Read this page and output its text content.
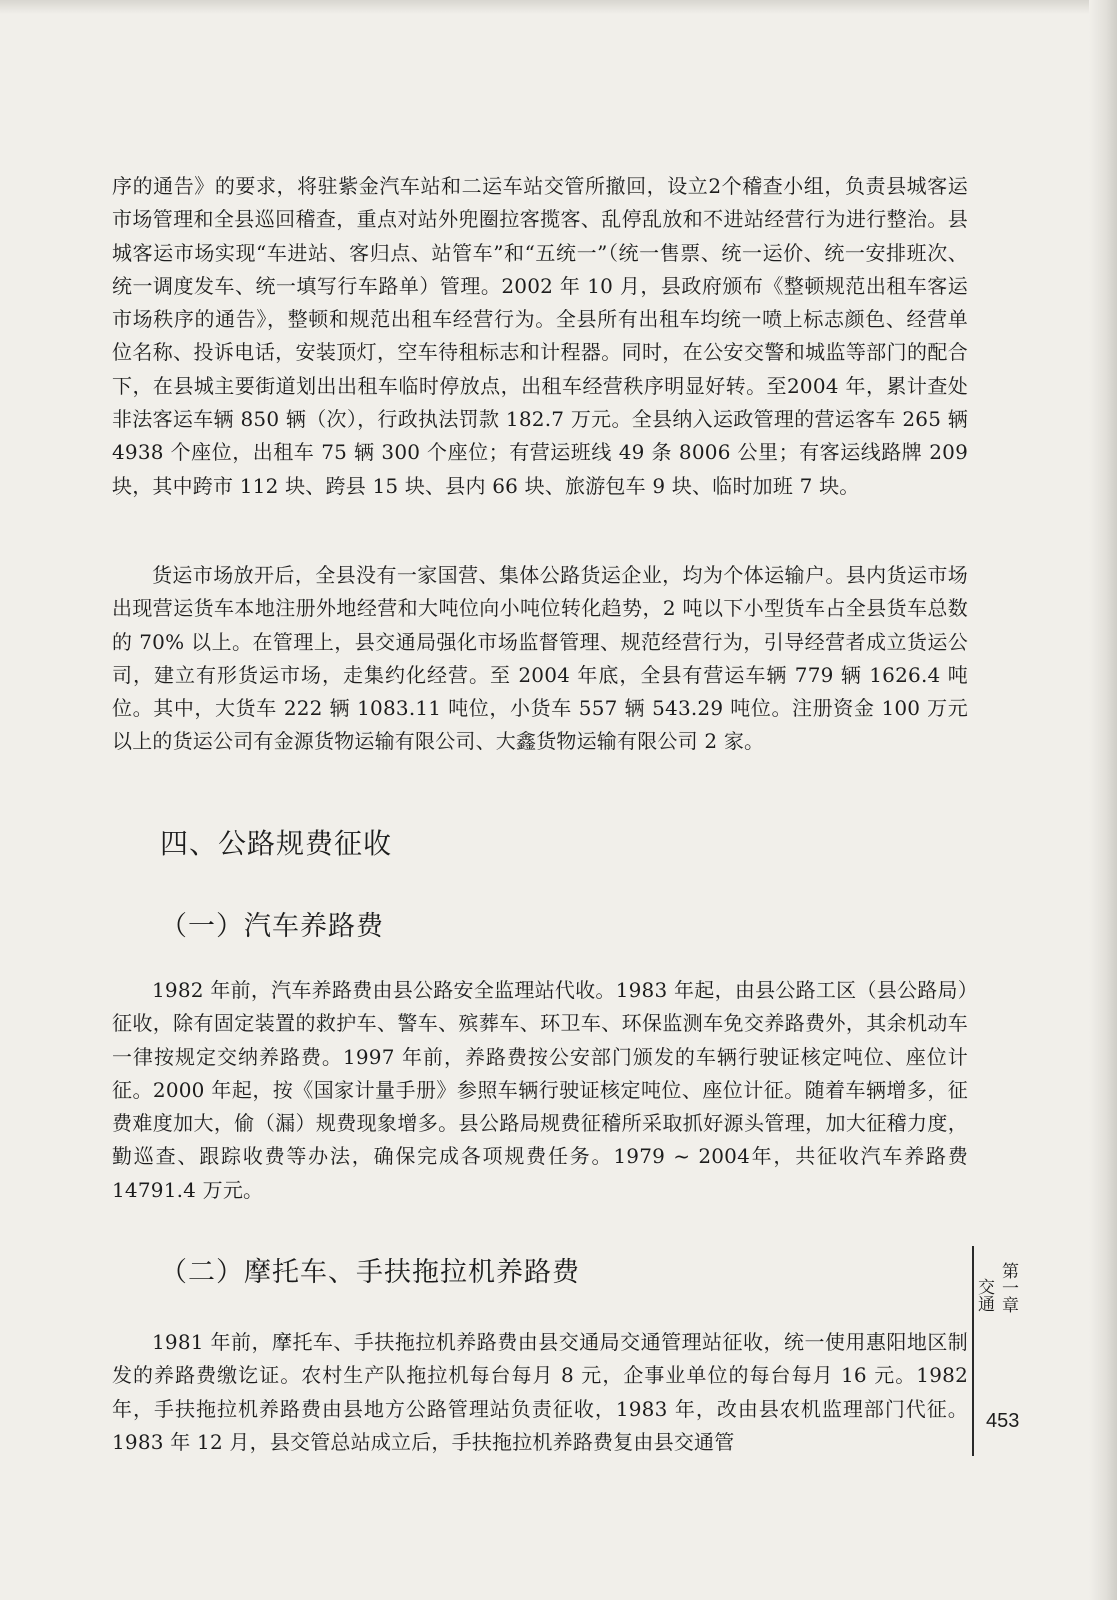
序的通告》的要求，将驻紫金汽车站和二运车站交管所撤回，设立2个稽查小组，负责县城客运市场管理和全县巡回稽查，重点对站外兜圈拉客揽客、乱停乱放和不进站经营行为进行整治。县城客运市场实现“车进站、客归点、站管车”和“五统一”（统一售票、统一运价、统一安排班次、统一调度发车、统一填写行车路单）管理。2002 年 10 月，县政府颁布《整顿规范出租车客运市场秩序的通告》，整顿和规范出租车经营行为。全县所有出租车均统一喷上标志颜色、经营单位名称、投诉电话，安装顶灯，空车待租标志和计程器。同时，在公安交警和城监等部门的配合下，在县城主要街道划出出租车临时停放点，出租车经营秩序明显好转。至2004 年，累计查处非法客运车辆 850 辆（次），行政执法罚款 182.7 万元。全县纳入运政管理的营运客车 265 辆 4938 个座位，出租车 75 辆 300 个座位；有营运班线 49 条 8006 公里；有客运线路牌 209 块，其中跨市 112 块、跨县 15 块、县内 66 块、旅游包车 9 块、临时加班 7 块。

货运市场放开后，全县没有一家国营、集体公路货运企业，均为个体运输户。县内货运市场出现营运货车本地注册外地经营和大吨位向小吨位转化趋势，2 吨以下小型货车占全县货车总数的 70% 以上。在管理上，县交通局强化市场监督管理、规范经营行为，引导经营者成立货运公司，建立有形货运市场，走集约化经营。至 2004 年底，全县有营运车辆 779 辆 1626.4 吨位。其中，大货车 222 辆 1083.11 吨位，小货车 557 辆 543.29 吨位。注册资金 100 万元以上的货运公司有金源货物运输有限公司、大鑫货物运输有限公司 2 家。

四、公路规费征收
（一）汽车养路费

1982 年前，汽车养路费由县公路安全监理站代收。1983 年起，由县公路工区（县公路局）征收，除有固定装置的救护车、警车、殡葬车、环卫车、环保监测车免交养路费外，其余机动车一律按规定交纳养路费。1997 年前，养路费按公安部门颁发的车辆行驶证核定吨位、座位计征。2000 年起，按《国家计量手册》参照车辆行驶证核定吨位、座位计征。随着车辆增多，征费难度加大，偷（漏）规费现象增多。县公路局规费征稽所采取抓好源头管理，加大征稽力度，勤巡查、跟踪收费等办法，确保完成各项规费任务。1979 ~ 2004年，共征收汽车养路费 14791.4 万元。

（二）摩托车、手扶拖拉机养路费

1981 年前，摩托车、手扶拖拉机养路费由县交通局交通管理站征收，统一使用惠阳地区制发的养路费缴讫证。农村生产队拖拉机每台每月 8 元，企事业单位的每台每月 16 元。1982 年，手扶拖拉机养路费由县地方公路管理站负责征收，1983 年，改由县农机监理部门代征。1983 年 12 月，县交管总站成立后，手扶拖拉机养路费复由县交通管

第一章
交通
453
